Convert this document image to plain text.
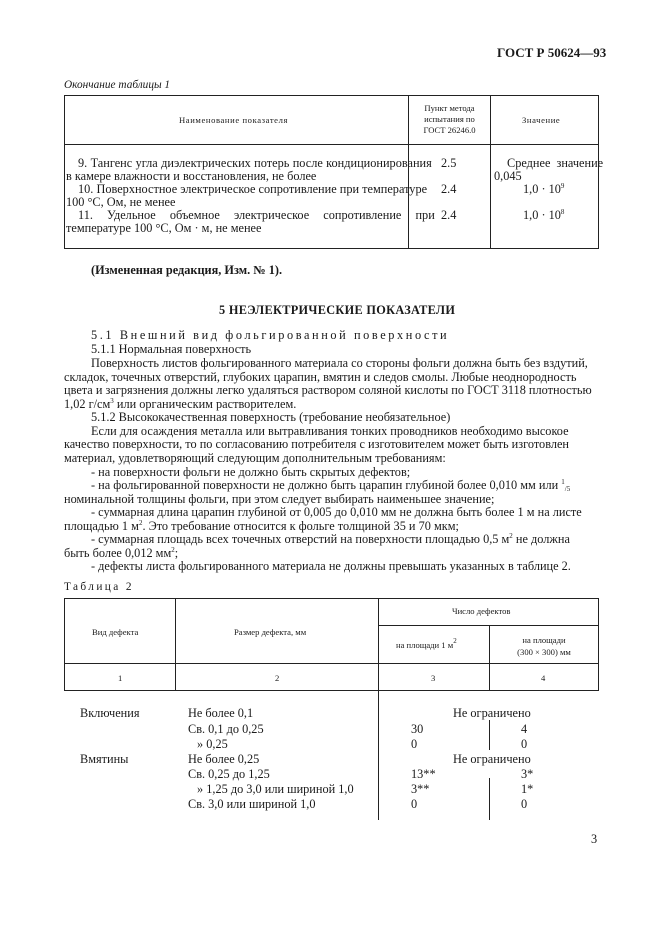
ГОСТ Р 50624—93
Окончание таблицы 1
Наименование показателя
Пункт метода
испытания по
ГОСТ 26246.0
Значение
9. Тангенс угла диэлектрических потерь после кондиционирования
в камере влажности и восстановления, не более
2.5	Среднее значение
0,045
10. Поверхностное электрическое сопротивление при температуре
100 °С, Ом, не менее
2.4	$1,0 \cdot 10^9$
11. Удельное объемное электрическое сопротивление при
температуре 100 °С, Ом · м, не менее
2.4	$1,0 \cdot 10^8$
(Измененная редакция, Изм. № 1).
5 НЕЭЛЕКТРИЧЕСКИЕ ПОКАЗАТЕЛИ
5.1 Внешний вид фольгированной поверхности
5.1.1 Нормальная поверхность
Поверхность листов фольгированного материала со стороны фольги должна быть без вздутий,
складок, точечных отверстий, глубоких царапин, вмятин и следов смолы. Любые неоднородность
цвета и загрязнения должны легко удаляться раствором соляной кислоты по ГОСТ 3118 плотностью
1,02 $г/см^3$ или органическим растворителем.
5.1.2 Высококачественная поверхность (требование необязательное)
Если для осаждения металла или вытравливания тонких проводников необходимо высокое
качество поверхности, то по согласованию потребителя с изготовителем может быть изготовлен
материал, удовлетворяющий следующим дополнительным требованиям:
- на поверхности фольги не должно быть скрытых дефектов;
- на фольгированной поверхности не должно быть царапин глубиной более 0,010 мм или $^1_{/5}$
номинальной толщины фольги, при этом следует выбирать наименьшее значение;
- суммарная длина царапин глубиной от 0,005 до 0,010 мм не должна быть более 1 м на листе
площадью 1 $м^2$. Это требование относится к фольге толщиной 35 и 70 мкм;
- суммарная площадь всех точечных отверстий на поверхности площадью 0,5 $м^2$ не должна
быть более 0,012 $мм^2$;
- дефекты листа фольгированного материала не должны превышать указанных в таблице 2.
Таблица 2
Вид дефекта	Размер дефекта, мм
Число дефектов
на площади 1 $м^2$	на площади
(300 × 300) мм
1	2	3	4
Включения	Не более 0,1	Не ограничено
Св. 0,1 до 0,25	30	4
» 0,25	0	0
Вмятины	Не более 0,25	Не ограничено
Св. 0,25 до 1,25	13**	3*
» 1,25 до 3,0 или шириной 1,0	3**	1*
Св. 3,0 или шириной 1,0	0	0
3
